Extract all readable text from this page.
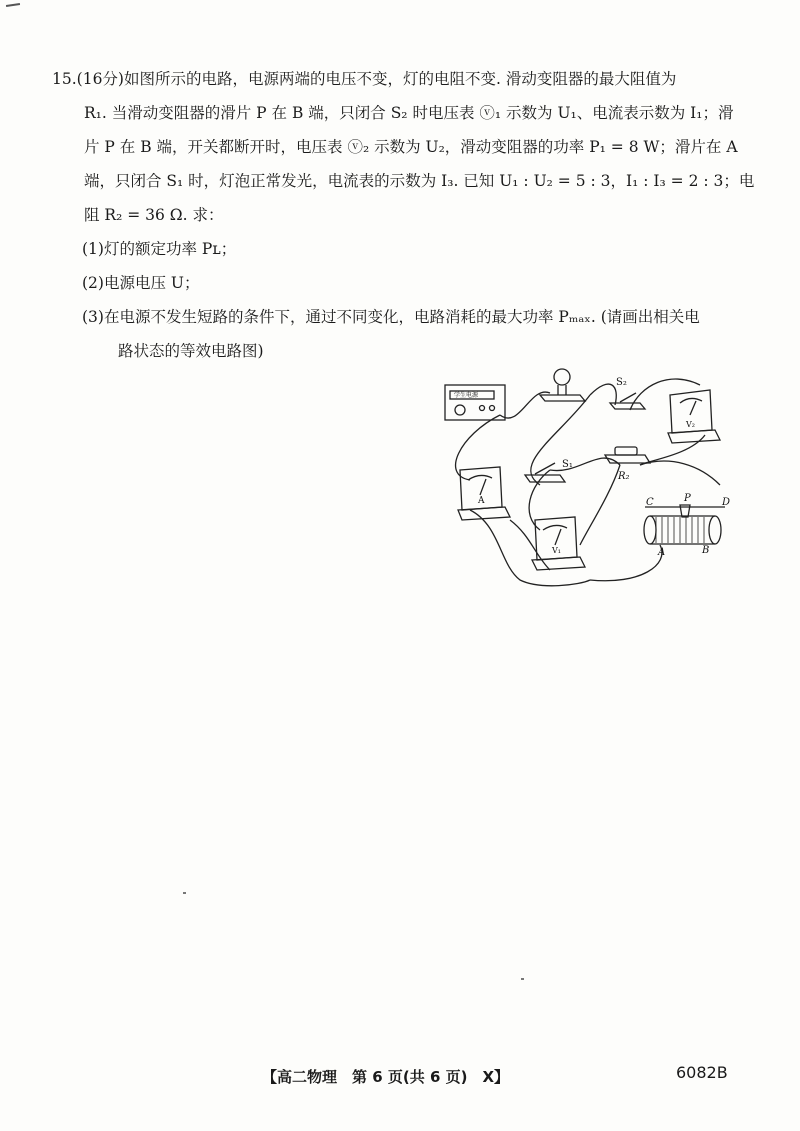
15.(16分)如图所示的电路，电源两端的电压不变，灯的电阻不变. 滑动变阻器的最大阻值为
R₁. 当滑动变阻器的滑片 P 在 B 端，只闭合 S₂ 时电压表 ⓥ₁ 示数为 U₁、电流表示数为 I₁；滑
片 P 在 B 端，开关都断开时，电压表 ⓥ₂ 示数为 U₂，滑动变阻器的功率 P₁ = 8 W；滑片在 A
端，只闭合 S₁ 时，灯泡正常发光，电流表的示数为 I₃. 已知 U₁ : U₂ = 5 : 3，I₁ : I₃ = 2 : 3；电
阻 R₂ = 36 Ω. 求：
(1)灯的额定功率 Pʟ；
(2)电源电压 U；
(3)在电源不发生短路的条件下，通过不同变化，电路消耗的最大功率 Pₘₐₓ. (请画出相关电
路状态的等效电路图)
学生电源
S₂
V₂
S₁
R₂
A
V₁
C	P	D
A	B
【高二物理　第 6 页(共 6 页)　X】	6082B
